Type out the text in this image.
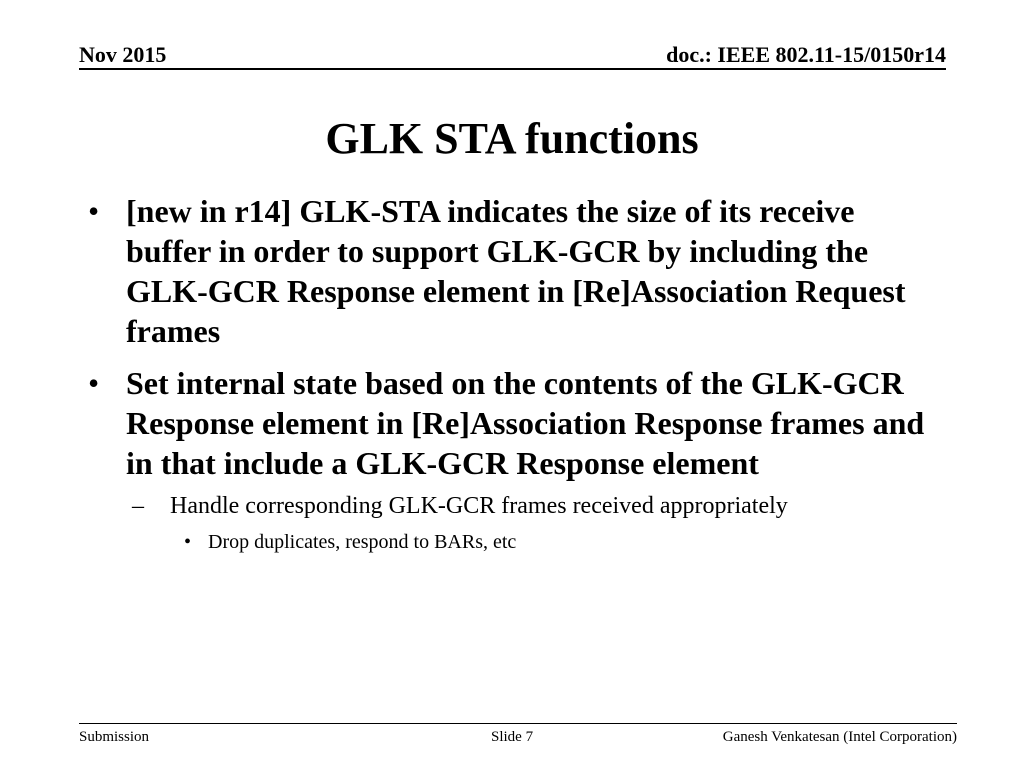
Nov 2015	doc.: IEEE 802.11-15/0150r14
GLK STA functions
• [new in r14] GLK-STA indicates the size of its receive buffer in order to support GLK-GCR by including the GLK-GCR Response element in [Re]Association Request frames
• Set internal state based on the contents of the GLK-GCR Response element in [Re]Association Response frames and in that include a GLK-GCR Response element
– Handle corresponding GLK-GCR frames received appropriately
• Drop duplicates, respond to BARs, etc
Submission	Slide 7	Ganesh Venkatesan (Intel Corporation)
